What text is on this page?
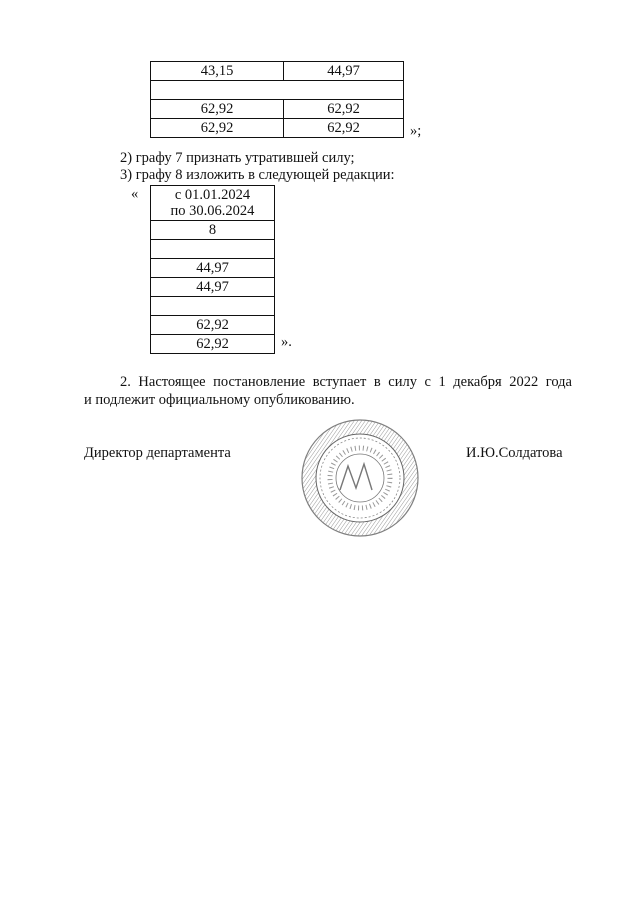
43,15	44,97

62,92	62,92
62,92	62,92	»;
2) графу 7 признать утратившей силу;
3) графу 8 изложить в следующей редакции:
«	с 01.01.2024
по 30.06.2024
8

44,97
44,97

62,92
62,92	».
2. Настоящее постановление вступает в силу с 1 декабря 2022 года
и подлежит официальному опубликованию.
Директор департамента	И.Ю.Солдатова
